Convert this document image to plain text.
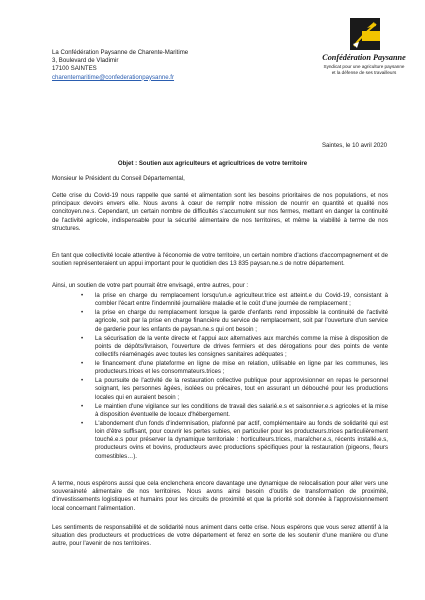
La Confédération Paysanne de Charente-Maritime
3, Boulevard de Vladimir
17100 SAINTES
charentemaritime@confederationpaysanne.fr
Confédération Paysanne
Syndicat pour une agriculture paysanne et la défense de ses travailleurs

Saintes, le 10 avril 2020

Objet : Soutien aux agriculteurs et agricultrices de votre territoire

Monsieur le Président du Conseil Départemental,

Cette crise du Covid-19 nous rappelle que santé et alimentation sont les besoins prioritaires de nos populations, et nos principaux devoirs envers elle. Nous avons à cœur de remplir notre mission de nourrir en quantité et qualité nos concitoyen.ne.s. Cependant, un certain nombre de difficultés s'accumulent sur nos fermes, mettant en danger la continuité de l'activité agricole, indispensable pour la sécurité alimentaire de nos territoires, et même la viabilité à terme de nos structures.

En tant que collectivité locale attentive à l'économie de votre territoire, un certain nombre d'actions d'accompagnement et de soutien représenteraient un appui important pour le quotidien des 13 835 paysan.ne.s de notre département.

Ainsi, un soutien de votre part pourrait être envisagé, entre autres, pour :

• la prise en charge du remplacement lorsqu'un.e agriculteur.trice est atteint.e du Covid-19, consistant à combler l'écart entre l'indemnité journalière maladie et le coût d'une journée de remplacement ;
• la prise en charge du remplacement lorsque la garde d'enfants rend impossible la continuité de l'activité agricole, soit par la prise en charge financière du service de remplacement, soit par l'ouverture d'un service de garderie pour les enfants de paysan.ne.s qui ont besoin ;
• La sécurisation de la vente directe et l'appui aux alternatives aux marchés comme la mise à disposition de points de dépôts/livraison, l'ouverture de drives fermiers et des dérogations pour des points de vente collectifs réaménagés avec toutes les consignes sanitaires adéquates ;
• le financement d'une plateforme en ligne de mise en relation, utilisable en ligne par les communes, les producteurs.trices et les consommateurs.trices ;
• La poursuite de l'activité de la restauration collective publique pour approvisionner en repas le personnel soignant, les personnes âgées, isolées ou précaires, tout en assurant un débouché pour les productions locales qui en auraient besoin ;
• Le maintien d'une vigilance sur les conditions de travail des salarié.e.s et saisonnier.e.s agricoles et la mise à disposition éventuelle de locaux d'hébergement.
• L'abondement d'un fonds d'indemnisation, plafonné par actif, complémentaire au fonds de solidarité qui est loin d'être suffisant, pour couvrir les pertes subies, en particulier pour les producteurs.trices particulièrement touché.e.s pour préserver la dynamique territoriale : horticulteurs.trices, maraîcher.e.s, récents installé.e.s, producteurs ovins et bovins, producteurs avec productions spécifiques pour la restauration (pigeons, fleurs comestibles…).

A terme, nous espérons aussi que cela enclenchera encore davantage une dynamique de relocalisation pour aller vers une souveraineté alimentaire de nos territoires. Nous avons ainsi besoin d'outils de transformation de proximité, d'investissements logistiques et humains pour les circuits de proximité et que la priorité soit donnée à l'approvisionnement local concernant l'alimentation.

Les sentiments de responsabilité et de solidarité nous animent dans cette crise. Nous espérons que vous serez attentif à la situation des producteurs et productrices de votre département et ferez en sorte de les soutenir d'une manière ou d'une autre, pour l'avenir de nos territoires.
